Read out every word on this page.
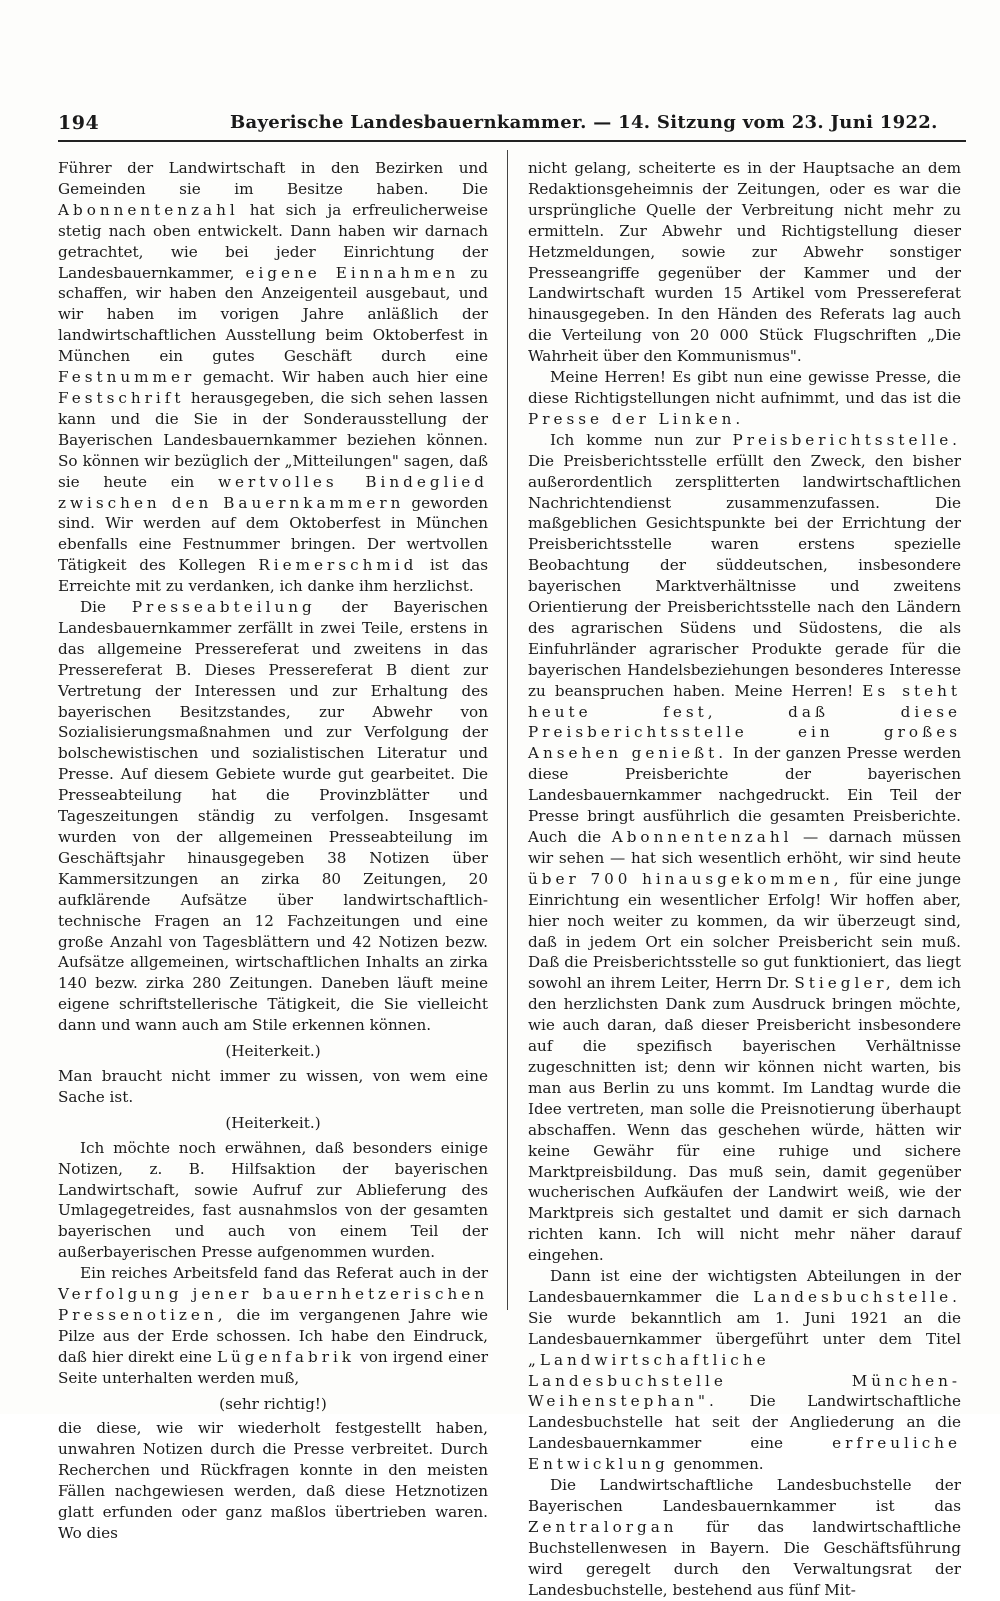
194	Bayerische Landesbauernkammer. — 14. Sitzung vom 23. Juni 1922.

Führer der Landwirtschaft in den Bezirken und Gemeinden sie im Besitze haben. Die Abonnentenzahl hat sich ja erfreulicherweise stetig nach oben entwickelt. Dann haben wir darnach getrachtet, wie bei jeder Einrichtung der Landesbauernkammer, eigene Einnahmen zu schaffen, wir haben den Anzeigenteil ausgebaut, und wir haben im vorigen Jahre anläßlich der landwirtschaftlichen Ausstellung beim Oktoberfest in München ein gutes Geschäft durch eine Festnummer gemacht. Wir haben auch hier eine Festschrift herausgegeben, die sich sehen lassen kann und die Sie in der Sonderausstellung der Bayerischen Landesbauernkammer beziehen können. So können wir bezüglich der „Mitteilungen" sagen, daß sie heute ein wertvolles Bindeglied zwischen den Bauernkammern geworden sind. Wir werden auf dem Oktoberfest in München ebenfalls eine Festnummer bringen. Der wertvollen Tätigkeit des Kollegen Riemerschmid ist das Erreichte mit zu verdanken, ich danke ihm herzlichst.

Die Presseabteilung der Bayerischen Landesbauernkammer zerfällt in zwei Teile, erstens in das allgemeine Pressereferat und zweitens in das Pressereferat B. Dieses Pressereferat B dient zur Vertretung der Interessen und zur Erhaltung des bayerischen Besitzstandes, zur Abwehr von Sozialisierungsmaßnahmen und zur Verfolgung der bolschewistischen und sozialistischen Literatur und Presse. Auf diesem Gebiete wurde gut gearbeitet. Die Presseabteilung hat die Provinzblätter und Tageszeitungen ständig zu verfolgen. Insgesamt wurden von der allgemeinen Presseabteilung im Geschäftsjahr hinausgegeben 38 Notizen über Kammersitzungen an zirka 80 Zeitungen, 20 aufklärende Aufsätze über landwirtschaftlich-technische Fragen an 12 Fachzeitungen und eine große Anzahl von Tagesblättern und 42 Notizen bezw. Aufsätze allgemeinen, wirtschaftlichen Inhalts an zirka 140 bezw. zirka 280 Zeitungen. Daneben läuft meine eigene schriftstellerische Tätigkeit, die Sie vielleicht dann und wann auch am Stile erkennen können.

(Heiterkeit.)

Man braucht nicht immer zu wissen, von wem eine Sache ist.

(Heiterkeit.)

Ich möchte noch erwähnen, daß besonders einige Notizen, z. B. Hilfsaktion der bayerischen Landwirtschaft, sowie Aufruf zur Ablieferung des Umlagegetreides, fast ausnahmslos von der gesamten bayerischen und auch von einem Teil der außerbayerischen Presse aufgenommen wurden.

Ein reiches Arbeitsfeld fand das Referat auch in der Verfolgung jener bauernhetzerischen Pressenotizen, die im vergangenen Jahre wie Pilze aus der Erde schossen. Ich habe den Eindruck, daß hier direkt eine Lügenfabrik von irgend einer Seite unterhalten werden muß,

(sehr richtig!)

die diese, wie wir wiederholt festgestellt haben, unwahren Notizen durch die Presse verbreitet. Durch Recherchen und Rückfragen konnte in den meisten Fällen nachgewiesen werden, daß diese Hetznotizen glatt erfunden oder ganz maßlos übertrieben waren. Wo dies

nicht gelang, scheiterte es in der Hauptsache an dem Redaktionsgeheimnis der Zeitungen, oder es war die ursprüngliche Quelle der Verbreitung nicht mehr zu ermitteln. Zur Abwehr und Richtigstellung dieser Hetzmeldungen, sowie zur Abwehr sonstiger Presseangriffe gegenüber der Kammer und der Landwirtschaft wurden 15 Artikel vom Pressereferat hinausgegeben. In den Händen des Referats lag auch die Verteilung von 20 000 Stück Flugschriften „Die Wahrheit über den Kommunismus".

Meine Herren! Es gibt nun eine gewisse Presse, die diese Richtigstellungen nicht aufnimmt, und das ist die Presse der Linken.

Ich komme nun zur Preisberichtsstelle. Die Preisberichtsstelle erfüllt den Zweck, den bisher außerordentlich zersplitterten landwirtschaftlichen Nachrichtendienst zusammenzufassen. Die maßgeblichen Gesichtspunkte bei der Errichtung der Preisberichtsstelle waren erstens spezielle Beobachtung der süddeutschen, insbesondere bayerischen Marktverhältnisse und zweitens Orientierung der Preisberichtsstelle nach den Ländern des agrarischen Südens und Südostens, die als Einfuhrländer agrarischer Produkte gerade für die bayerischen Handelsbeziehungen besonderes Interesse zu beanspruchen haben. Meine Herren! Es steht heute fest, daß diese Preisberichtsstelle ein großes Ansehen genießt. In der ganzen Presse werden diese Preisberichte der bayerischen Landesbauernkammer nachgedruckt. Ein Teil der Presse bringt ausführlich die gesamten Preisberichte. Auch die Abonnentenzahl — darnach müssen wir sehen — hat sich wesentlich erhöht, wir sind heute über 700 hinausgekommen, für eine junge Einrichtung ein wesentlicher Erfolg! Wir hoffen aber, hier noch weiter zu kommen, da wir überzeugt sind, daß in jedem Ort ein solcher Preisbericht sein muß. Daß die Preisberichtsstelle so gut funktioniert, das liegt sowohl an ihrem Leiter, Herrn Dr. Stiegler, dem ich den herzlichsten Dank zum Ausdruck bringen möchte, wie auch daran, daß dieser Preisbericht insbesondere auf die spezifisch bayerischen Verhältnisse zugeschnitten ist; denn wir können nicht warten, bis man aus Berlin zu uns kommt. Im Landtag wurde die Idee vertreten, man solle die Preisnotierung überhaupt abschaffen. Wenn das geschehen würde, hätten wir keine Gewähr für eine ruhige und sichere Marktpreisbildung. Das muß sein, damit gegenüber wucherischen Aufkäufen der Landwirt weiß, wie der Marktpreis sich gestaltet und damit er sich darnach richten kann. Ich will nicht mehr näher darauf eingehen.

Dann ist eine der wichtigsten Abteilungen in der Landesbauernkammer die Landesbuchstelle. Sie wurde bekanntlich am 1. Juni 1921 an die Landesbauernkammer übergeführt unter dem Titel „Landwirtschaftliche Landesbuchstelle München-Weihenstephan". Die Landwirtschaftliche Landesbuchstelle hat seit der Angliederung an die Landesbauernkammer eine	erfreuliche Entwicklung genommen.

Die Landwirtschaftliche Landesbuchstelle der Bayerischen Landesbauernkammer ist das Zentralorgan für das landwirtschaftliche Buchstellenwesen in Bayern. Die Geschäftsführung wird geregelt durch den Verwaltungsrat der Landesbuchstelle, bestehend aus fünf Mit-
